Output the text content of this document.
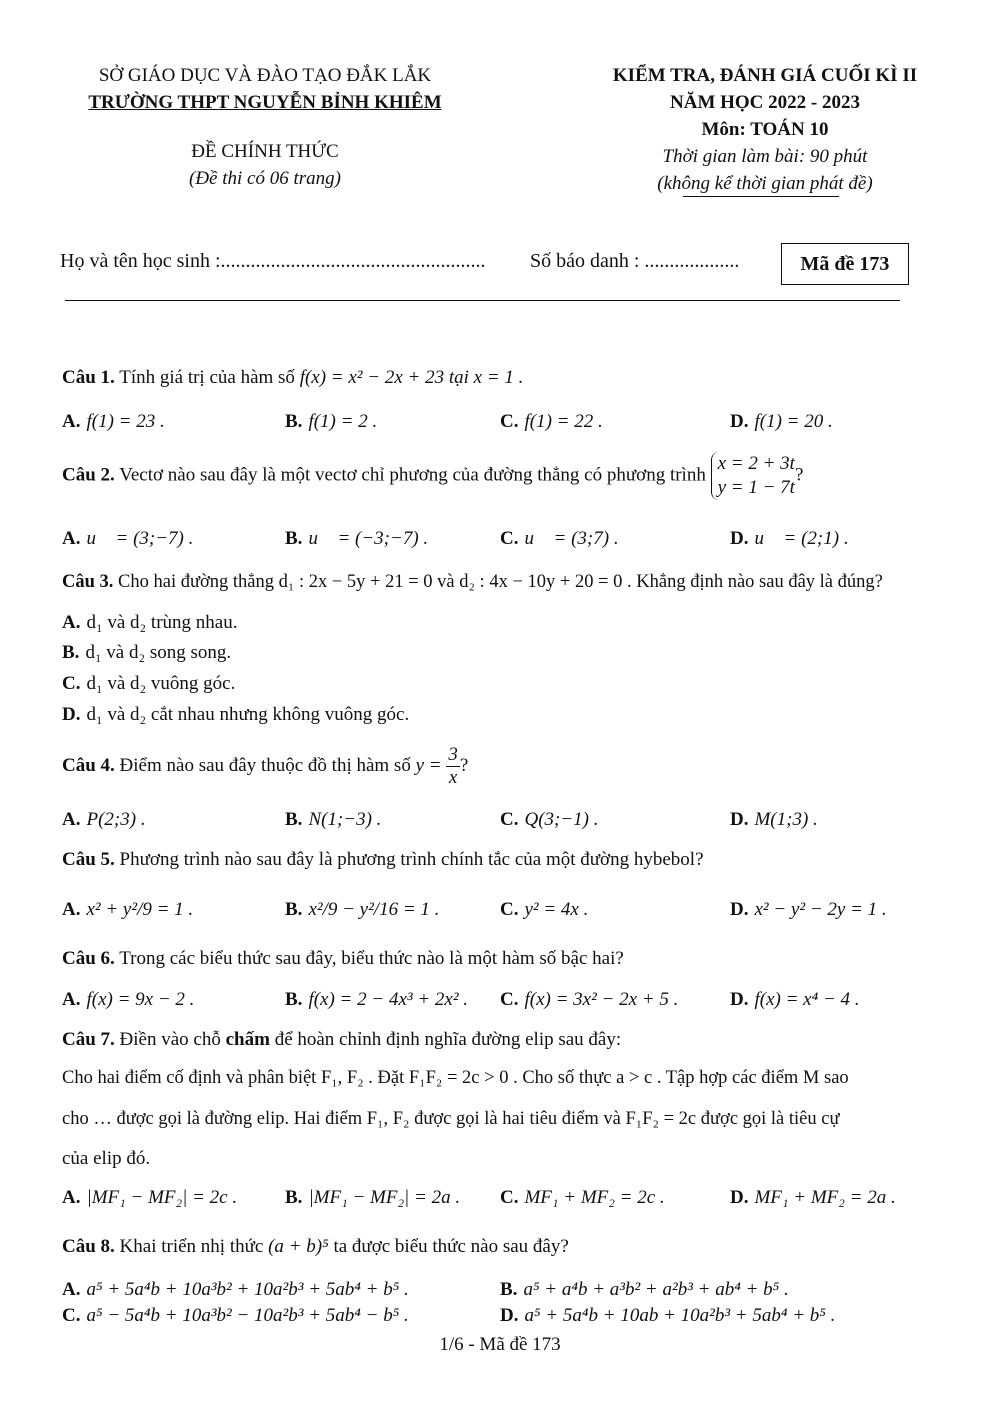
SỞ GIÁO DỤC VÀ ĐÀO TẠO ĐẮK LẮK
TRƯỜNG THPT NGUYỄN BỈNH KHIÊM
ĐỀ CHÍNH THỨC
(Đề thi có 06 trang)
KIỂM TRA, ĐÁNH GIÁ CUỐI KÌ II
NĂM HỌC 2022 - 2023
Môn: TOÁN 10
Thời gian làm bài: 90 phút
(không kể thời gian phát đề)
Họ và tên học sinh :..................................................... Số báo danh : ...................	Mã đề 173
Câu 1. Tính giá trị của hàm số f(x) = x² − 2x + 23 tại x = 1 .
A. f(1) = 23 .	B. f(1) = 2 .	C. f(1) = 22 .	D. f(1) = 20 .
Câu 2. Vectơ nào sau đây là một vectơ chỉ phương của đường thẳng có phương trình
x = 2 + 3t
y = 1 − 7t
?
A. u⃗ = (3;−7) .	B. u⃗ = (−3;−7) .	C. u⃗ = (3;7) .	D. u⃗ = (2;1) .
Câu 3. Cho hai đường thẳng d₁ : 2x − 5y + 21 = 0 và d₂ : 4x − 10y + 20 = 0 . Khẳng định nào sau đây là đúng?
A. d₁ và d₂ trùng nhau.
B. d₁ và d₂ song song.
C. d₁ và d₂ vuông góc.
D. d₁ và d₂ cắt nhau nhưng không vuông góc.
Câu 4. Điểm nào sau đây thuộc đồ thị hàm số $y = \frac{3}{x}$ ?
A. P(2;3) .	B. N(1;−3) .	C. Q(3;−1) .	D. M(1;3) .
Câu 5. Phương trình nào sau đây là phương trình chính tắc của một đường hybebol?
A. x² + y²/9 = 1 .	B. x²/9 − y²/16 = 1 .	C. y² = 4x .	D. x² − y² − 2y = 1 .
Câu 6. Trong các biểu thức sau đây, biểu thức nào là một hàm số bậc hai?
A. f(x) = 9x − 2 .	B. f(x) = 2 − 4x³ + 2x² . C. f(x) = 3x² − 2x + 5 .	D. f(x) = x⁴ − 4 .
Câu 7. Điền vào chỗ chấm để hoàn chỉnh định nghĩa đường elip sau đây:
Cho hai điểm cố định và phân biệt F₁, F₂ . Đặt F₁F₂ = 2c > 0 . Cho số thực a > c . Tập hợp các điểm M sao
cho … được gọi là đường elip. Hai điểm F₁, F₂ được gọi là hai tiêu điểm và F₁F₂ = 2c được gọi là tiêu cự
của elip đó.
A. |MF₁ − MF₂| = 2c .	B. |MF₁ − MF₂| = 2a . C. MF₁ + MF₂ = 2c .	D. MF₁ + MF₂ = 2a .
Câu 8. Khai triển nhị thức (a + b)⁵ ta được biểu thức nào sau đây?
A. a⁵ + 5a⁴b + 10a³b² + 10a²b³ + 5ab⁴ + b⁵ .	B. a⁵ + a⁴b + a³b² + a²b³ + ab⁴ + b⁵ .
C. a⁵ − 5a⁴b + 10a³b² − 10a²b³ + 5ab⁴ − b⁵ .	D. a⁵ + 5a⁴b + 10ab + 10a²b³ + 5ab⁴ + b⁵ .
1/6 - Mã đề 173
